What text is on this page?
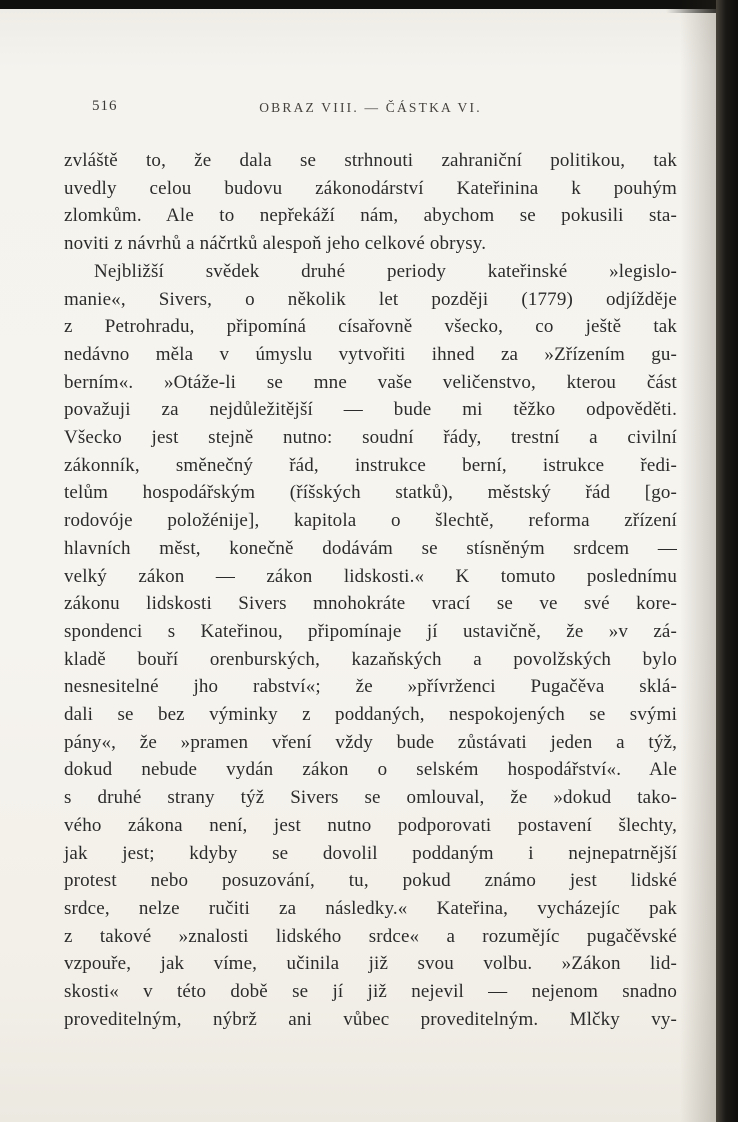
516	OBRAZ VIII. — ČÁSTKA VI.
zvláště to, že dala se strhnouti zahraniční politikou, tak
uvedly celou budovu zákonodárství Kateřinina k pouhým
zlomkům. Ale to nepřekáží nám, abychom se pokusili sta-
noviti z návrhů a náčrtků alespoň jeho celkové obrysy.
Nejbližší svědek druhé periody kateřinské »legislo-
manie«, Sivers, o několik let později (1779) odjížděje
z Petrohradu, připomíná císařovně všecko, co ještě tak
nedávno měla v úmyslu vytvořiti ihned za »Zřízením gu-
berním«. »Otáže-li se mne vaše veličenstvo, kterou část
považuji za nejdůležitější — bude mi těžko odpověděti.
Všecko jest stejně nutno: soudní řády, trestní a civilní
zákonník, směnečný řád, instrukce berní, istrukce ředi-
telům hospodářským (říšských statků), městský řád [go-
rodovóje položénije], kapitola o šlechtě, reforma zřízení
hlavních měst, konečně dodávám se stísněným srdcem —
velký zákon — zákon lidskosti.« K tomuto poslednímu
zákonu lidskosti Sivers mnohokráte vrací se ve své kore-
spondenci s Kateřinou, připomínaje jí ustavičně, že »v zá-
kladě bouří orenburských, kazaňských a povolžských bylo
nesnesitelné jho rabství«; že »přívrženci Pugačěva sklá-
dali se bez výminky z poddaných, nespokojených se svými
pány«, že »pramen vření vždy bude zůstávati jeden a týž,
dokud nebude vydán zákon o selském hospodářství«. Ale
s druhé strany týž Sivers se omlouval, že »dokud tako-
vého zákona není, jest nutno podporovati postavení šlechty,
jak jest; kdyby se dovolil poddaným i nejnepatrnější
protest nebo posuzování, tu, pokud známo jest lidské
srdce, nelze ručiti za následky.« Kateřina, vycházejíc pak
z takové »znalosti lidského srdce« a rozumějíc pugačěvské
vzpouře, jak víme, učinila již svou volbu. »Zákon lid-
skosti« v této době se jí již nejevil — nejenom snadno
proveditelným, nýbrž ani vůbec proveditelným. Mlčky vy-
